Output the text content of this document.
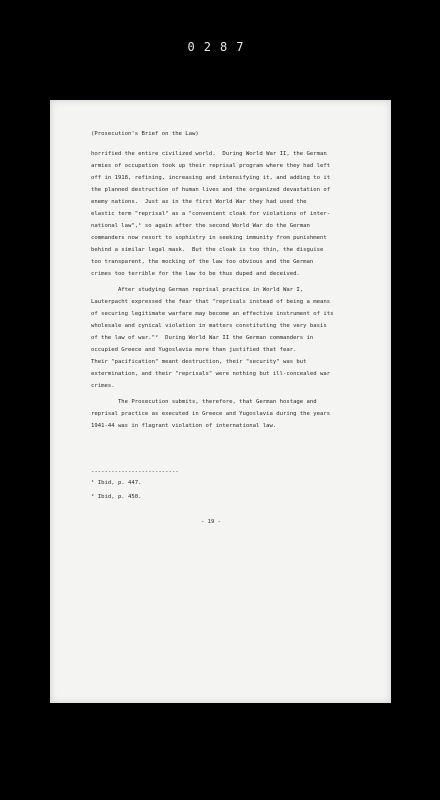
0287
(Prosecution's Brief on the Law)

horrified the entire civilized world.  During World War II, the German
armies of occupation took up their reprisal program where they had left
off in 1918, refining, increasing and intensifying it, and adding to it
the planned destruction of human lives and the organized devastation of
enemy nations.  Just as in the first World War they had used the
elastic term "reprisal" as a "convenient cloak for violations of inter-
national law",¹ so again after the second World War do the German
commanders now resort to sophistry in seeking immunity from punishment
behind a similar legal mask.  But the cloak is too thin, the disguise
too transparent, the mocking of the law too obvious and the German
crimes too terrible for the law to be thus duped and deceived.

After studying German reprisal practice in World War I,
Lauterpacht expressed the fear that "reprisals instead of being a means
of securing legitimate warfare may become an effective instrument of its
wholesale and cynical violation in matters constituting the very basis
of the law of war."²  During World War II the German commanders in
occupied Greece and Yugoslavia more than justified that fear.
Their "pacification" meant destruction, their "security" was but
extermination, and their "reprisals" were nothing but ill-concealed war
crimes.

The Prosecution submits, therefore, that German hostage and
reprisal practice as executed in Greece and Yugoslavia during the years
1941-44 was in flagrant violation of international law.

--------------------------
¹ Ibid, p. 447.
² Ibid, p. 450.
- 19 -
